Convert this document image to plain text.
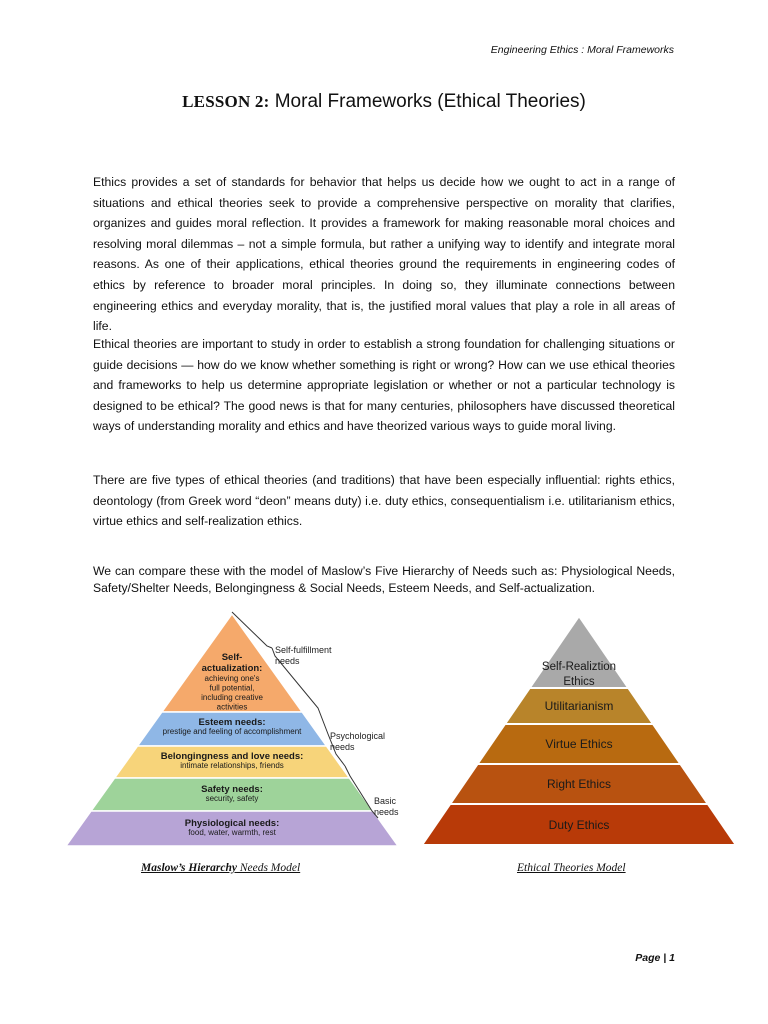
Engineering Ethics : Moral Frameworks
LESSON 2: Moral Frameworks (Ethical Theories)

Ethics provides a set of standards for behavior that helps us decide how we ought to act in a range of situations and ethical theories seek to provide a comprehensive perspective on morality that clarifies, organizes and guides moral reflection. It provides a framework for making reasonable moral choices and resolving moral dilemmas – not a simple formula, but rather a unifying way to identify and integrate moral reasons. As one of their applications, ethical theories ground the requirements in engineering codes of ethics by reference to broader moral principles. In doing so, they illuminate connections between engineering ethics and everyday morality, that is, the justified moral values that play a role in all areas of life.

Ethical theories are important to study in order to establish a strong foundation for challenging situations or guide decisions — how do we know whether something is right or wrong? How can we use ethical theories and frameworks to help us determine appropriate legislation or whether or not a particular technology is designed to be ethical? The good news is that for many centuries, philosophers have discussed theoretical ways of understanding morality and ethics and have theorized various ways to guide moral living.

There are five types of ethical theories (and traditions) that have been especially influential: rights ethics, deontology (from Greek word “deon” means duty) i.e. duty ethics, consequentialism i.e. utilitarianism ethics, virtue ethics and self-realization ethics.

We can compare these with the model of Maslow’s Five Hierarchy of Needs such as: Physiological Needs, Safety/Shelter Needs, Belongingness & Social Needs, Esteem Needs, and Self-actualization.

Self-
actualization:
achieving one's
full potential,
including creative
activities
Esteem needs:
prestige and feeling of accomplishment
Belongingness and love needs:
intimate relationships, friends
Safety needs:
security, safety
Physiological needs:
food, water, warmth, rest
Self-fulfillment
needs
Psychological
needs
Basic
needs
Self-Realiztion
Ethics
Utilitarianism
Virtue Ethics
Right Ethics
Duty Ethics
Maslow’s Hierarchy Needs Model	Ethical Theories Model
Page | 1
